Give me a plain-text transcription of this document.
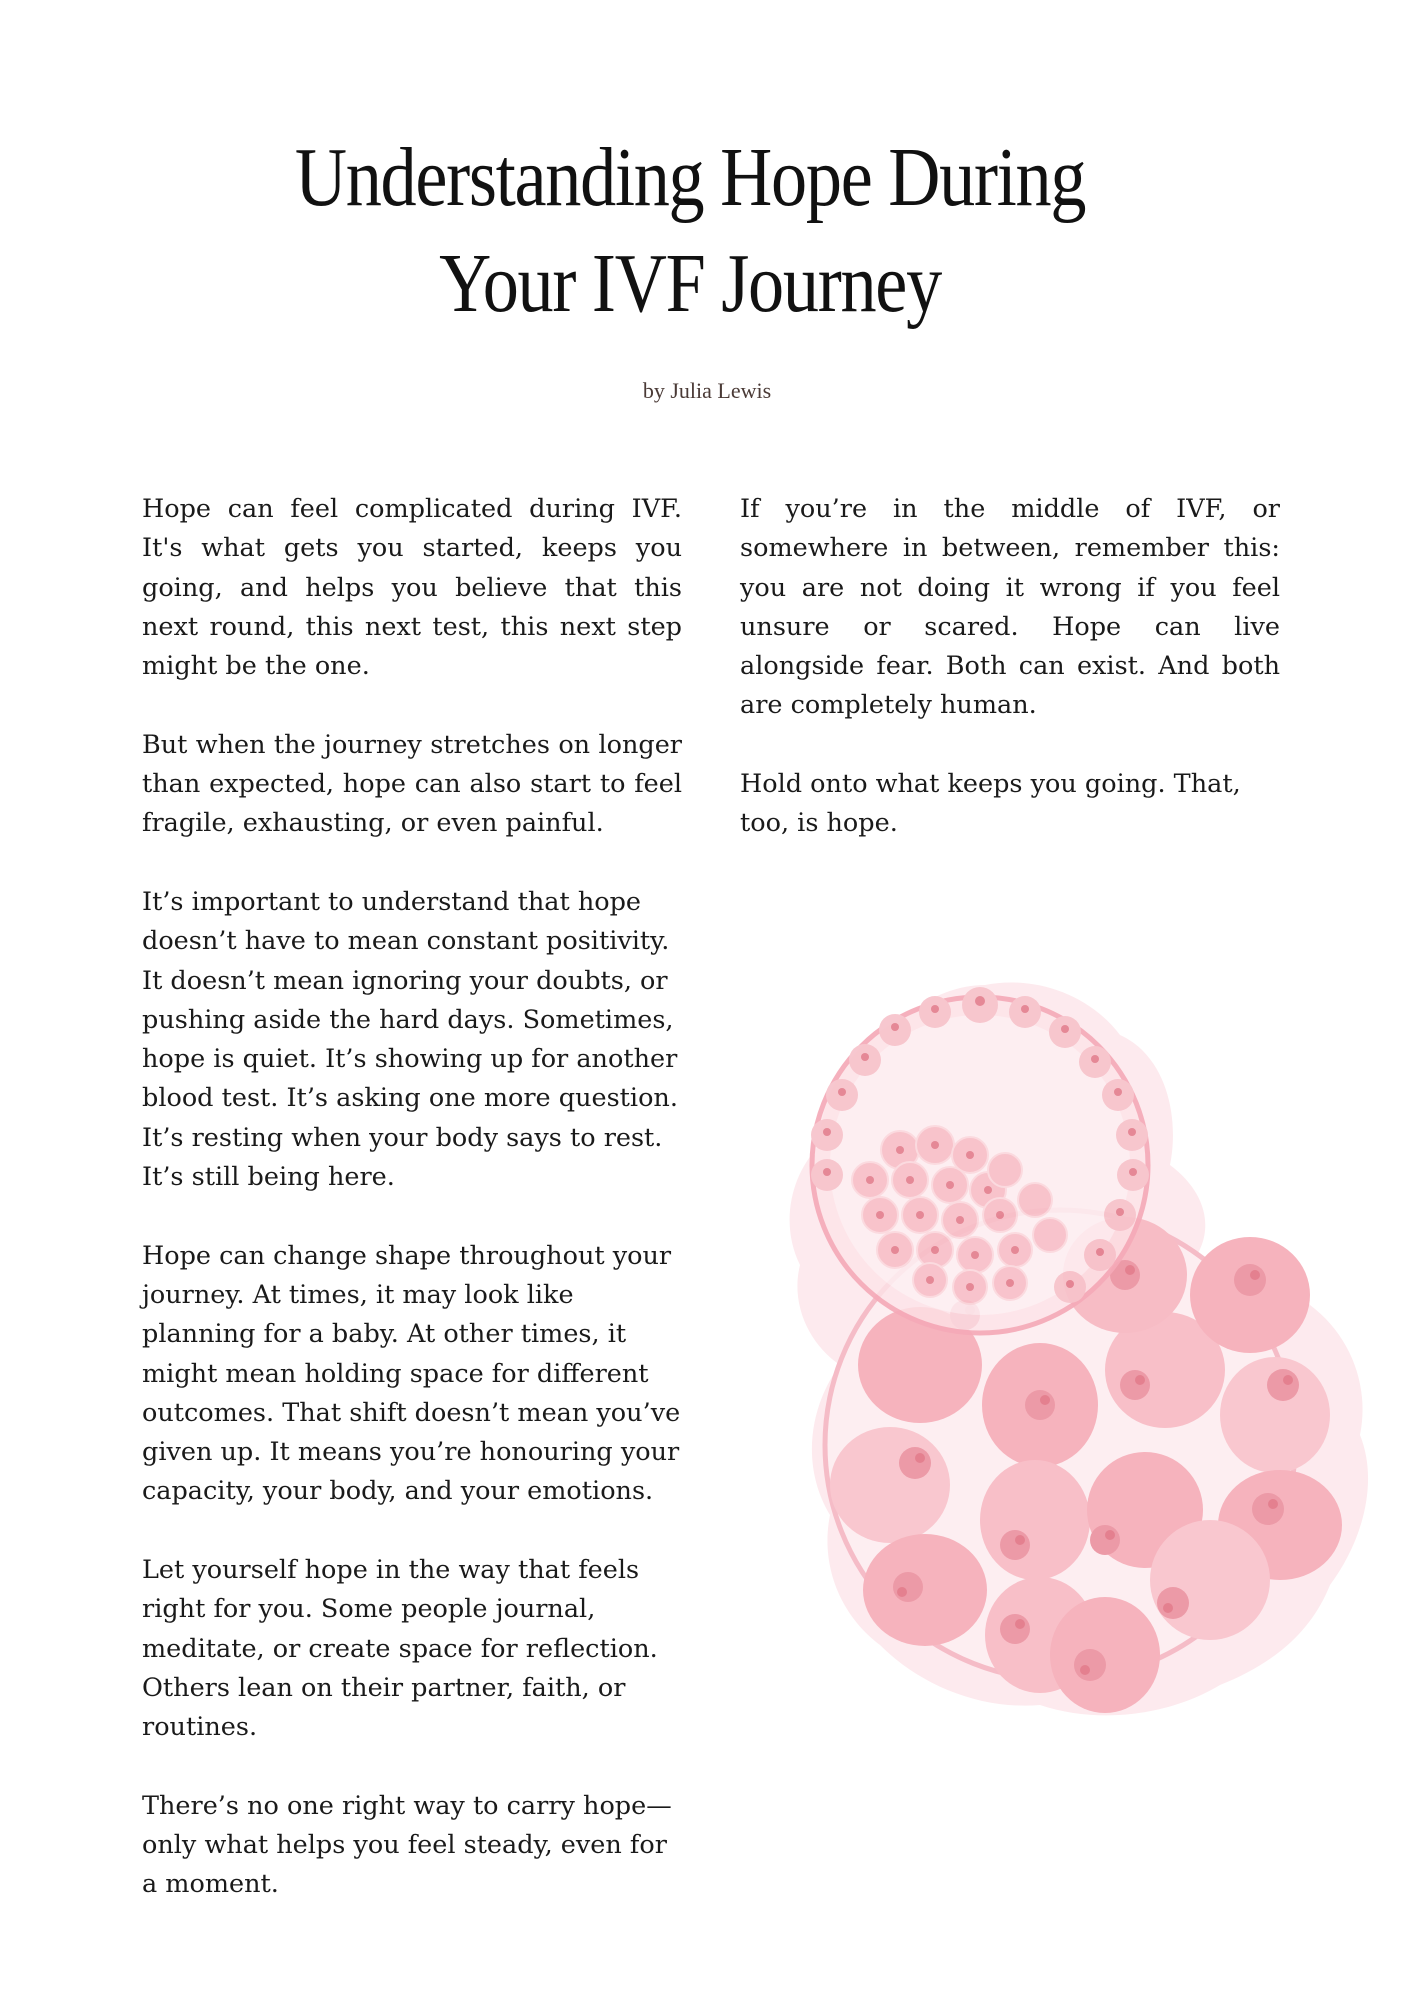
Understanding Hope During
Your IVF Journey
by Julia Lewis

Hope can feel complicated during IVF. It's what gets you started, keeps you going, and helps you believe that this next round, this next test, this next step might be the one.

But when the journey stretches on longer than expected, hope can also start to feel fragile, exhausting, or even painful.

It’s important to understand that hope doesn’t have to mean constant positivity. It doesn’t mean ignoring your doubts, or pushing aside the hard days. Sometimes, hope is quiet. It’s showing up for another blood test. It’s asking one more question. It’s resting when your body says to rest. It’s still being here.

Hope can change shape throughout your journey. At times, it may look like planning for a baby. At other times, it might mean holding space for different outcomes. That shift doesn’t mean you’ve given up. It means you’re honouring your capacity, your body, and your emotions.

Let yourself hope in the way that feels right for you. Some people journal, meditate, or create space for reflection. Others lean on their partner, faith, or routines.

There’s no one right way to carry hope—only what helps you feel steady, even for a moment.

If you’re in the middle of IVF, or somewhere in between, remember this: you are not doing it wrong if you feel unsure or scared. Hope can live alongside fear. Both can exist. And both are completely human.

Hold onto what keeps you going. That, too, is hope.
